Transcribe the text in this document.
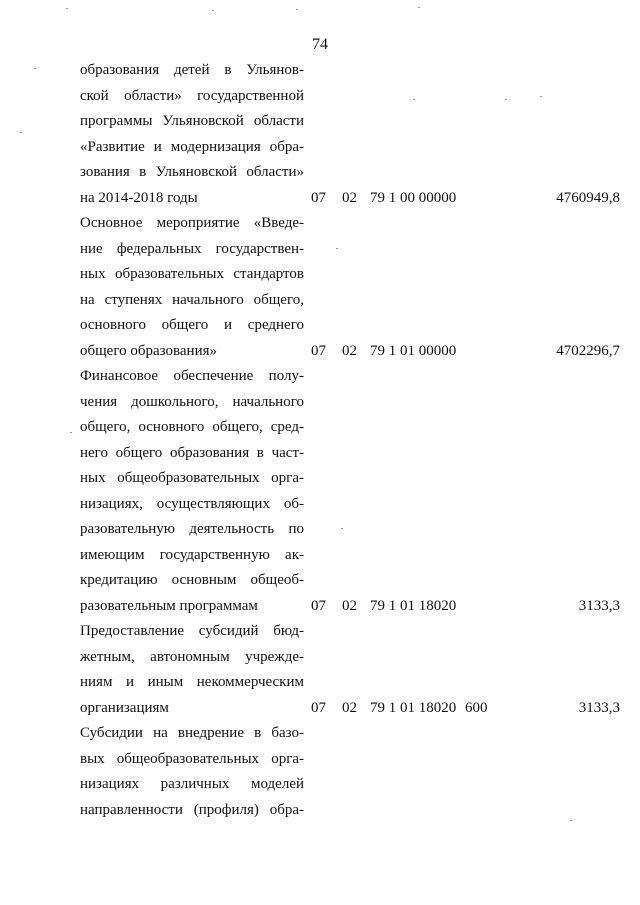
74
образования детей в Ульянов-
ской области» государственной
программы Ульяновской области
«Развитие и модернизация обра-
зования в Ульяновской области»
на 2014-2018 годы	07 02 79 1 00 00000	4760949,8
Основное мероприятие «Введе-
ние федеральных государствен-
ных образовательных стандартов
на ступенях начального общего,
основного общего и среднего
общего образования»	07 02 79 1 01 00000	4702296,7
Финансовое обеспечение полу-
чения дошкольного, начального
общего, основного общего, сред-
него общего образования в част-
ных общеобразовательных орга-
низациях, осуществляющих об-
разовательную деятельность по
имеющим государственную ак-
кредитацию основным общеоб-
разовательным программам	07 02 79 1 01 18020	3133,3
Предоставление субсидий бюд-
жетным, автономным учрежде-
ниям и иным некоммерческим
организациям	07 02 79 1 01 18020 600	3133,3
Субсидии на внедрение в базо-
вых общеобразовательных орга-
низациях различных моделей
направленности (профиля) обра-
